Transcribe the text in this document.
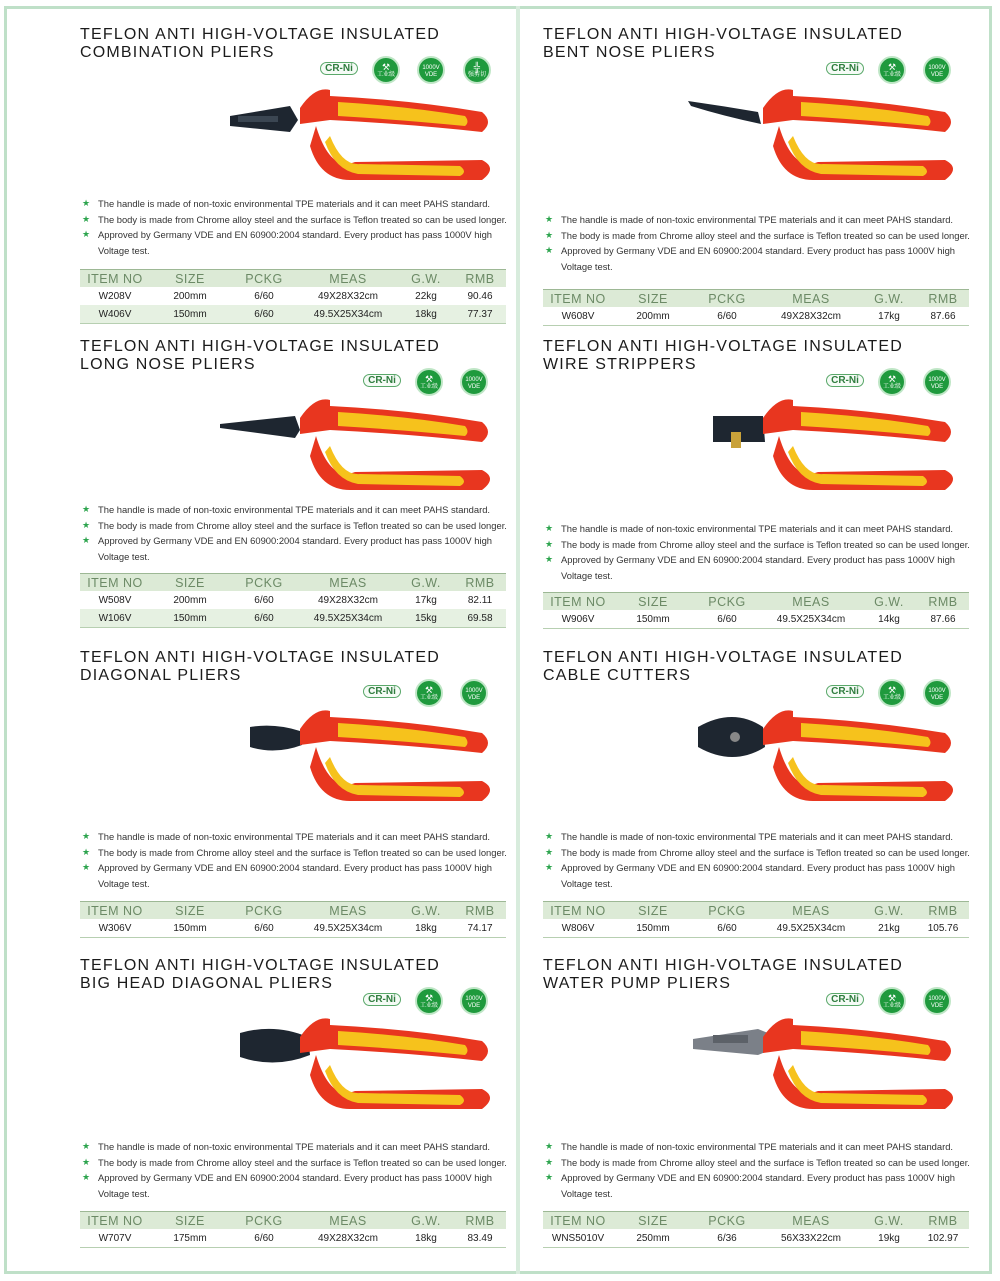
TEFLON ANTI HIGH-VOLTAGE INSULATED
COMBINATION PLIERS
CR-Ni	⚒
工业级
1000V
VDE
╬
强剪切
★ The handle is made of non-toxic environmental TPE materials and it can meet PAHS standard.
★ The body is made from Chrome alloy steel and the surface is Teflon treated so can be used longer.
★ Approved by Germany VDE and EN 60900:2004 standard. Every product has pass 1000V high Voltage test.
ITEM NO	SIZE	PCKG	MEAS	G.W.	RMB
W208V	200mm	6/60	49X28X32cm	22kg	90.46
W406V	150mm	6/60	49.5X25X34cm	18kg	77.37
TEFLON ANTI HIGH-VOLTAGE INSULATED
BENT NOSE PLIERS
CR-Ni	⚒
工业级
1000V
VDE
★ The handle is made of non-toxic environmental TPE materials and it can meet PAHS standard.
★ The body is made from Chrome alloy steel and the surface is Teflon treated so can be used longer.
★ Approved by Germany VDE and EN 60900:2004 standard. Every product has pass 1000V high Voltage test.
ITEM NO	SIZE	PCKG	MEAS	G.W.	RMB
W608V	200mm	6/60	49X28X32cm	17kg	87.66
TEFLON ANTI HIGH-VOLTAGE INSULATED
LONG NOSE PLIERS
CR-Ni	⚒
工业级
1000V
VDE
★ The handle is made of non-toxic environmental TPE materials and it can meet PAHS standard.
★ The body is made from Chrome alloy steel and the surface is Teflon treated so can be used longer.
★ Approved by Germany VDE and EN 60900:2004 standard. Every product has pass 1000V high Voltage test.
ITEM NO	SIZE	PCKG	MEAS	G.W.	RMB
W508V	200mm	6/60	49X28X32cm	17kg	82.11
W106V	150mm	6/60	49.5X25X34cm	15kg	69.58
TEFLON ANTI HIGH-VOLTAGE INSULATED
WIRE STRIPPERS
CR-Ni	⚒
工业级
1000V
VDE
★ The handle is made of non-toxic environmental TPE materials and it can meet PAHS standard.
★ The body is made from Chrome alloy steel and the surface is Teflon treated so can be used longer.
★ Approved by Germany VDE and EN 60900:2004 standard. Every product has pass 1000V high Voltage test.
ITEM NO	SIZE	PCKG	MEAS	G.W.	RMB
W906V	150mm	6/60	49.5X25X34cm	14kg	87.66
TEFLON ANTI HIGH-VOLTAGE INSULATED
DIAGONAL PLIERS
CR-Ni	⚒
工业级
1000V
VDE
★ The handle is made of non-toxic environmental TPE materials and it can meet PAHS standard.
★ The body is made from Chrome alloy steel and the surface is Teflon treated so can be used longer.
★ Approved by Germany VDE and EN 60900:2004 standard. Every product has pass 1000V high Voltage test.
ITEM NO	SIZE	PCKG	MEAS	G.W.	RMB
W306V	150mm	6/60	49.5X25X34cm	18kg	74.17
TEFLON ANTI HIGH-VOLTAGE INSULATED
CABLE CUTTERS
CR-Ni	⚒
工业级
1000V
VDE
★ The handle is made of non-toxic environmental TPE materials and it can meet PAHS standard.
★ The body is made from Chrome alloy steel and the surface is Teflon treated so can be used longer.
★ Approved by Germany VDE and EN 60900:2004 standard. Every product has pass 1000V high Voltage test.
ITEM NO	SIZE	PCKG	MEAS	G.W.	RMB
W806V	150mm	6/60	49.5X25X34cm	21kg	105.76
TEFLON ANTI HIGH-VOLTAGE INSULATED
BIG HEAD DIAGONAL PLIERS
CR-Ni	⚒
工业级
1000V
VDE
★ The handle is made of non-toxic environmental TPE materials and it can meet PAHS standard.
★ The body is made from Chrome alloy steel and the surface is Teflon treated so can be used longer.
★ Approved by Germany VDE and EN 60900:2004 standard. Every product has pass 1000V high Voltage test.
ITEM NO	SIZE	PCKG	MEAS	G.W.	RMB
W707V	175mm	6/60	49X28X32cm	18kg	83.49
TEFLON ANTI HIGH-VOLTAGE INSULATED
WATER PUMP PLIERS
CR-Ni	⚒
工业级
1000V
VDE
★ The handle is made of non-toxic environmental TPE materials and it can meet PAHS standard.
★ The body is made from Chrome alloy steel and the surface is Teflon treated so can be used longer.
★ Approved by Germany VDE and EN 60900:2004 standard. Every product has pass 1000V high Voltage test.
ITEM NO	SIZE	PCKG	MEAS	G.W.	RMB
WNS5010V	250mm	6/36	56X33X22cm	19kg	102.97
